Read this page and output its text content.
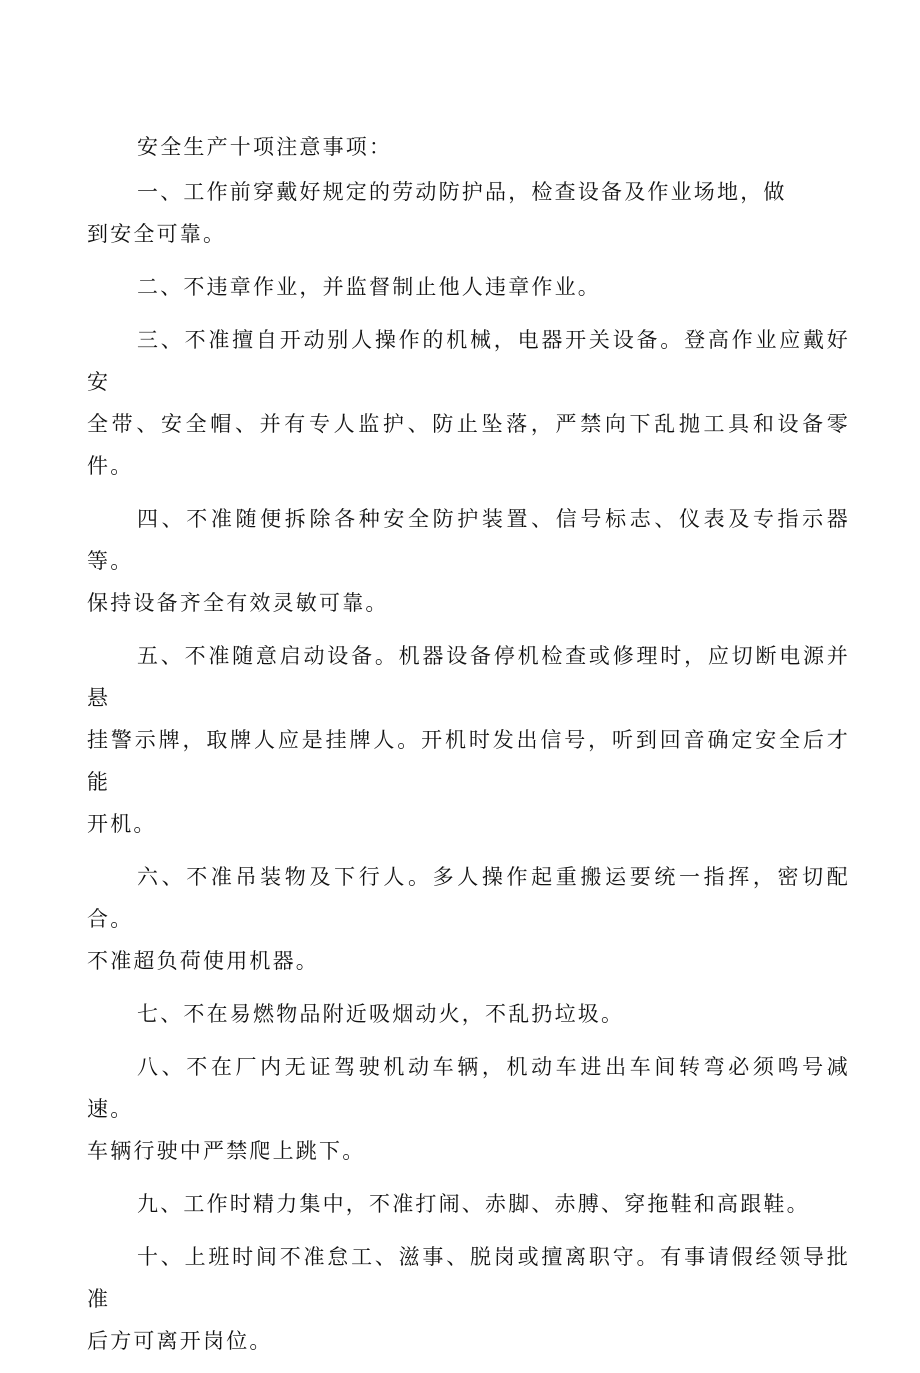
安全生产十项注意事项：

一、工作前穿戴好规定的劳动防护品，检查设备及作业场地，做
到安全可靠。

二、不违章作业，并监督制止他人违章作业。

三、不准擅自开动别人操作的机械，电器开关设备。登高作业应戴好安
全带、安全帽、并有专人监护、防止坠落，严禁向下乱抛工具和设备零件。

四、不准随便拆除各种安全防护装置、信号标志、仪表及专指示器等。
保持设备齐全有效灵敏可靠。

五、不准随意启动设备。机器设备停机检查或修理时，应切断电源并悬
挂警示牌，取牌人应是挂牌人。开机时发出信号，听到回音确定安全后才能
开机。

六、不准吊装物及下行人。多人操作起重搬运要统一指挥，密切配合。
不准超负荷使用机器。

七、不在易燃物品附近吸烟动火，不乱扔垃圾。

八、不在厂内无证驾驶机动车辆，机动车进出车间转弯必须鸣号减速。
车辆行驶中严禁爬上跳下。

九、工作时精力集中，不准打闹、赤脚、赤膊、穿拖鞋和高跟鞋。

十、上班时间不准怠工、滋事、脱岗或擅离职守。有事请假经领导批准
后方可离开岗位。
